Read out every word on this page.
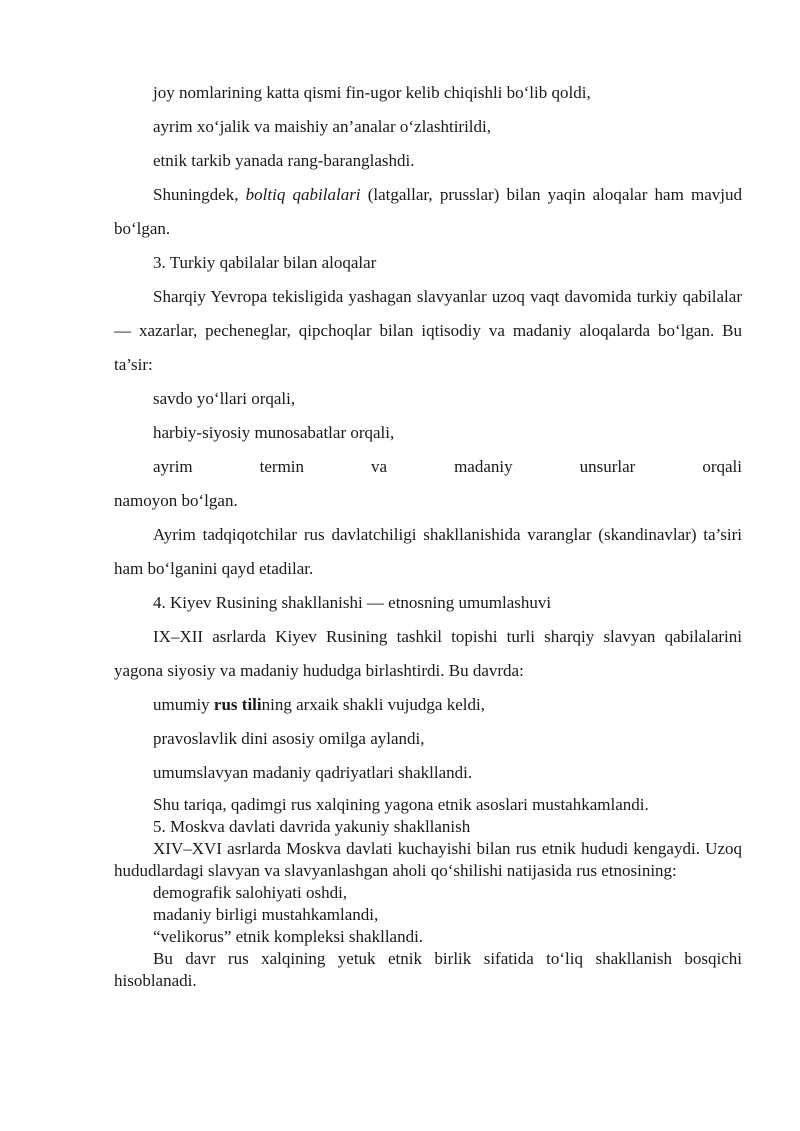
joy nomlarining katta qismi fin-ugor kelib chiqishli bo‘lib qoldi,

ayrim xo‘jalik va maishiy an’analar o‘zlashtirildi,

etnik tarkib yanada rang-baranglashdi.

Shuningdek, boltiq qabilalari (latgallar, prusslar) bilan yaqin aloqalar ham mavjud bo‘lgan.

3. Turkiy qabilalar bilan aloqalar

Sharqiy Yevropa tekisligida yashagan slavyanlar uzoq vaqt davomida turkiy qabilalar — xazarlar, pecheneglar, qipchoqlar bilan iqtisodiy va madaniy aloqalarda bo‘lgan. Bu ta’sir:

savdo yo‘llari orqali,

harbiy-siyosiy munosabatlar orqali,

ayrim termin va madaniy unsurlar orqali

namoyon bo‘lgan.

Ayrim tadqiqotchilar rus davlatchiligi shakllanishida varanglar (skandinavlar) ta’siri ham bo‘lganini qayd etadilar.

4. Kiyev Rusining shakllanishi — etnosning umumlashuvi

IX–XII asrlarda Kiyev Rusining tashkil topishi turli sharqiy slavyan qabilalarini yagona siyosiy va madaniy hududga birlashtirdi. Bu davrda:

umumiy rus tilining arxaik shakli vujudga keldi,

pravoslavlik dini asosiy omilga aylandi,

umumslavyan madaniy qadriyatlari shakllandi.

Shu tariqa, qadimgi rus xalqining yagona etnik asoslari mustahkamlandi.

5. Moskva davlati davrida yakuniy shakllanish

XIV–XVI asrlarda Moskva davlati kuchayishi bilan rus etnik hududi kengaydi. Uzoq hududlardagi slavyan va slavyanlashgan aholi qo‘shilishi natijasida rus etnosining:

demografik salohiyati oshdi,

madaniy birligi mustahkamlandi,

“velikorus” etnik kompleksi shakllandi.

Bu davr rus xalqining yetuk etnik birlik sifatida to‘liq shakllanish bosqichi hisoblanadi.
